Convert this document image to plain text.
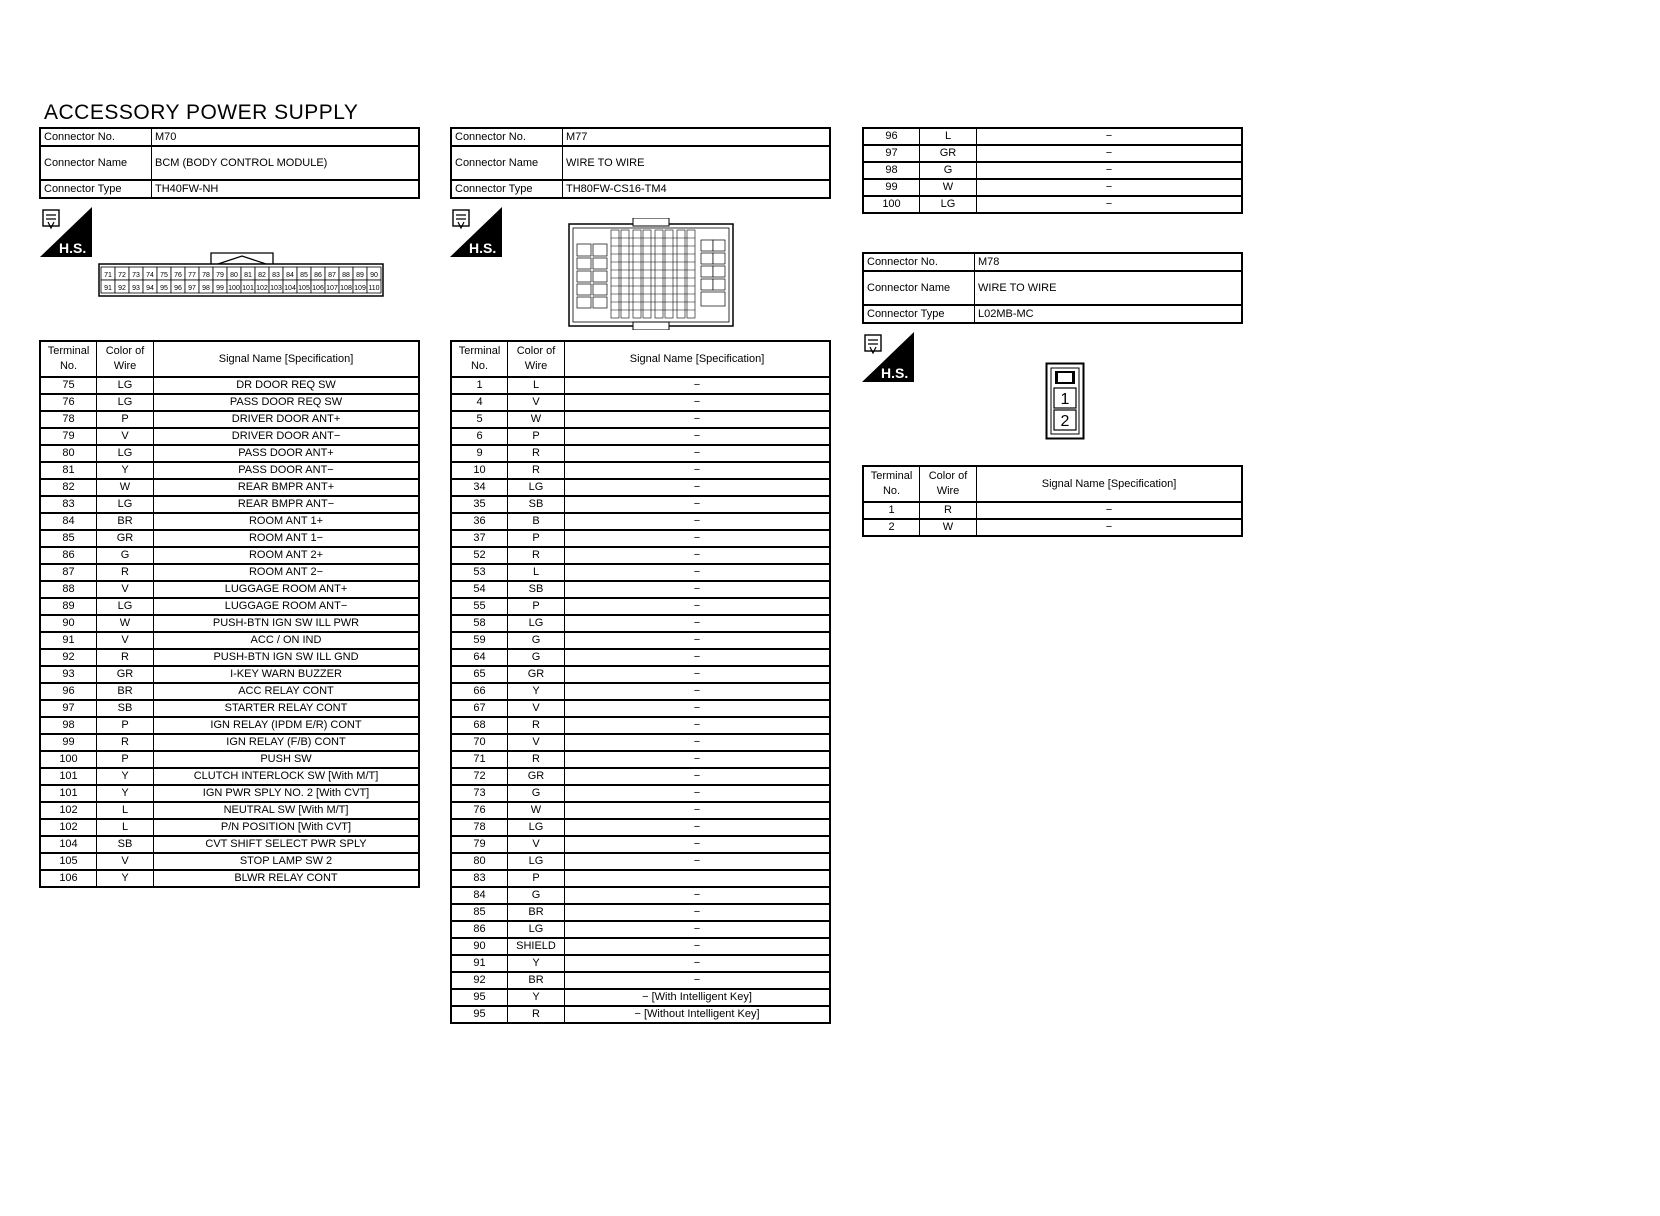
ACCESSORY POWER SUPPLY
Connector No.	M70
Connector Name	BCM (BODY CONTROL MODULE)
Connector Type	TH40FW-NH
H.S.
71 72 73 74 75 76 77 78 79 80 81 82 83 84 85 86 87 88 89 90
91 92 93 94 95 96 97 98 99 100 101 102 103 104 105 106 107 108 109 110
Terminal No.	Color of Wire	Signal Name [Specification]
75	LG	DR DOOR REQ SW
76	LG	PASS DOOR REQ SW
78	P	DRIVER DOOR ANT+
79	V	DRIVER DOOR ANT−
80	LG	PASS DOOR ANT+
81	Y	PASS DOOR ANT−
82	W	REAR BMPR ANT+
83	LG	REAR BMPR ANT−
84	BR	ROOM ANT 1+
85	GR	ROOM ANT 1−
86	G	ROOM ANT 2+
87	R	ROOM ANT 2−
88	V	LUGGAGE ROOM ANT+
89	LG	LUGGAGE ROOM ANT−
90	W	PUSH-BTN IGN SW ILL PWR
91	V	ACC / ON IND
92	R	PUSH-BTN IGN SW ILL GND
93	GR	I-KEY WARN BUZZER
96	BR	ACC RELAY CONT
97	SB	STARTER RELAY CONT
98	P	IGN RELAY (IPDM E/R) CONT
99	R	IGN RELAY (F/B) CONT
100	P	PUSH SW
101	Y	CLUTCH INTERLOCK SW [With M/T]
101	Y	IGN PWR SPLY NO. 2 [With CVT]
102	L	NEUTRAL SW [With M/T]
102	L	P/N POSITION [With CVT]
104	SB	CVT SHIFT SELECT PWR SPLY
105	V	STOP LAMP SW 2
106	Y	BLWR RELAY CONT
Connector No.	M77
Connector Name	WIRE TO WIRE
Connector Type	TH80FW-CS16-TM4
H.S.
Terminal No.	Color of Wire	Signal Name [Specification]
1	L	−
4	V	−
5	W	−
6	P	−
9	R	−
10	R	−
34	LG	−
35	SB	−
36	B	−
37	P	−
52	R	−
53	L	−
54	SB	−
55	P	−
58	LG	−
59	G	−
64	G	−
65	GR	−
66	Y	−
67	V	−
68	R	−
70	V	−
71	R	−
72	GR	−
73	G	−
76	W	−
78	LG	−
79	V	−
80	LG	−
83	P	
84	G	−
85	BR	−
86	LG	−
90	SHIELD	−
91	Y	−
92	BR	−
95	Y	− [With Intelligent Key]
95	R	− [Without Intelligent Key]
96	L	−
97	GR	−
98	G	−
99	W	−
100	LG	−
Connector No.	M78
Connector Name	WIRE TO WIRE
Connector Type	L02MB-MC
H.S.
1
2
Terminal No.	Color of Wire	Signal Name [Specification]
1	R	−
2	W	−
